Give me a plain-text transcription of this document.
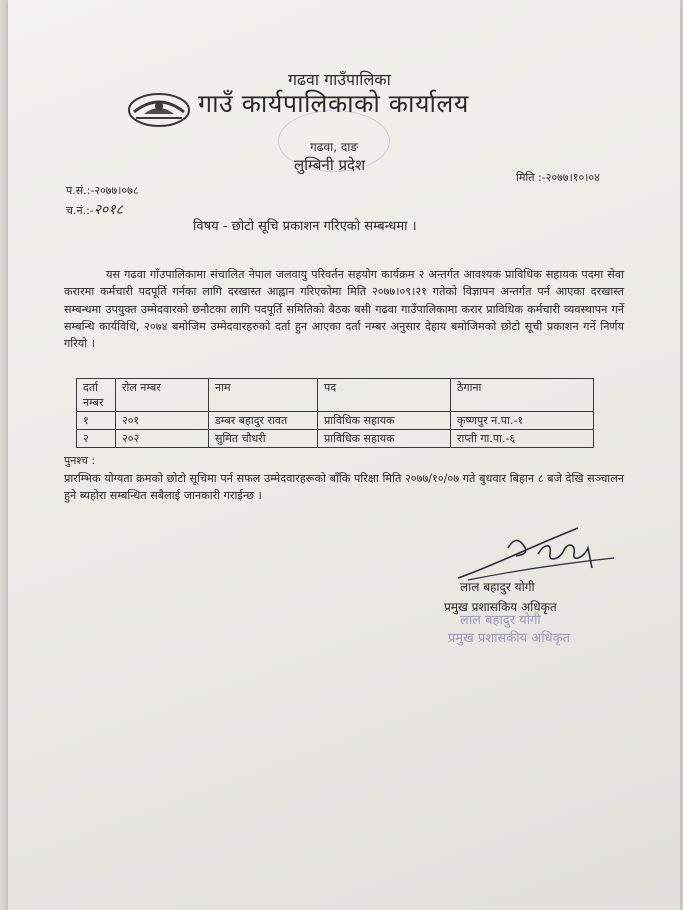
गढवा गाउँपालिका
गाउँ कार्यपालिकाको कार्यालय
गढवा, दाङ
लुम्बिनी प्रदेश
मिति :-२०७७।१०।०४
प.सं.:-२०७७।०७८
च.नं.:-२०१८
विषय - छोटो सूचि प्रकाशन गरिएको सम्बन्धमा ।
यस गढवा गाँउपालिकामा संचालित नेपाल जलवायु परिवर्तन सहयोग कार्यक्रम २ अन्तर्गत आवश्यक प्राविधिक सहायक पदमा सेवा करारमा कर्मचारी पदपूर्ति गर्नका लागि दरखास्त आह्वान गरिएकोमा मिति २०७७।०९।२१ गतेको विज्ञापन अन्तर्गत पर्न आएका दरखास्त सम्बन्धमा उपयुक्त उम्मेदवारको छनौटका लागि पदपूर्ति समितिको बैठक बसी गढवा गाउँपालिकामा करार प्राविधिक कर्मचारी व्यवस्थापन गर्ने सम्बन्धि कार्यविधि, २०७४ बमोजिम उम्मेदवारहरुको दर्ता हुन आएका दर्ता नम्बर अनुसार देहाय बमोजिमको छोटो सूची प्रकाशन गर्ने निर्णय गरियो ।
दर्ता नम्बर	रोल नम्बर	नाम	पद	ठेगाना
१	२०१	डम्बर बहादुर रावत	प्राविधिक सहायक	कृष्णपुर न.पा.-१
२	२०२	सुमित चौधरी	प्राविधिक सहायक	राप्ती गा.पा.-६
पुनश्च :
प्रारम्भिक योग्यता क्रमको छोटो सूचिमा पर्न सफल उम्मेदवारहरूको बाँकि परिक्षा मिति २०७७/१०/०७ गते बुधवार बिहान ८ बजे देखि सञ्चालन हुने ब्यहोरा सम्बन्धित सबैलाई जानकारी गराईन्छ ।
लाल बहादुर योगी
प्रमुख प्रशासकिय अधिकृत
लाल बहादुर योगी
प्रमुख प्रशासकीय अधिकृत
